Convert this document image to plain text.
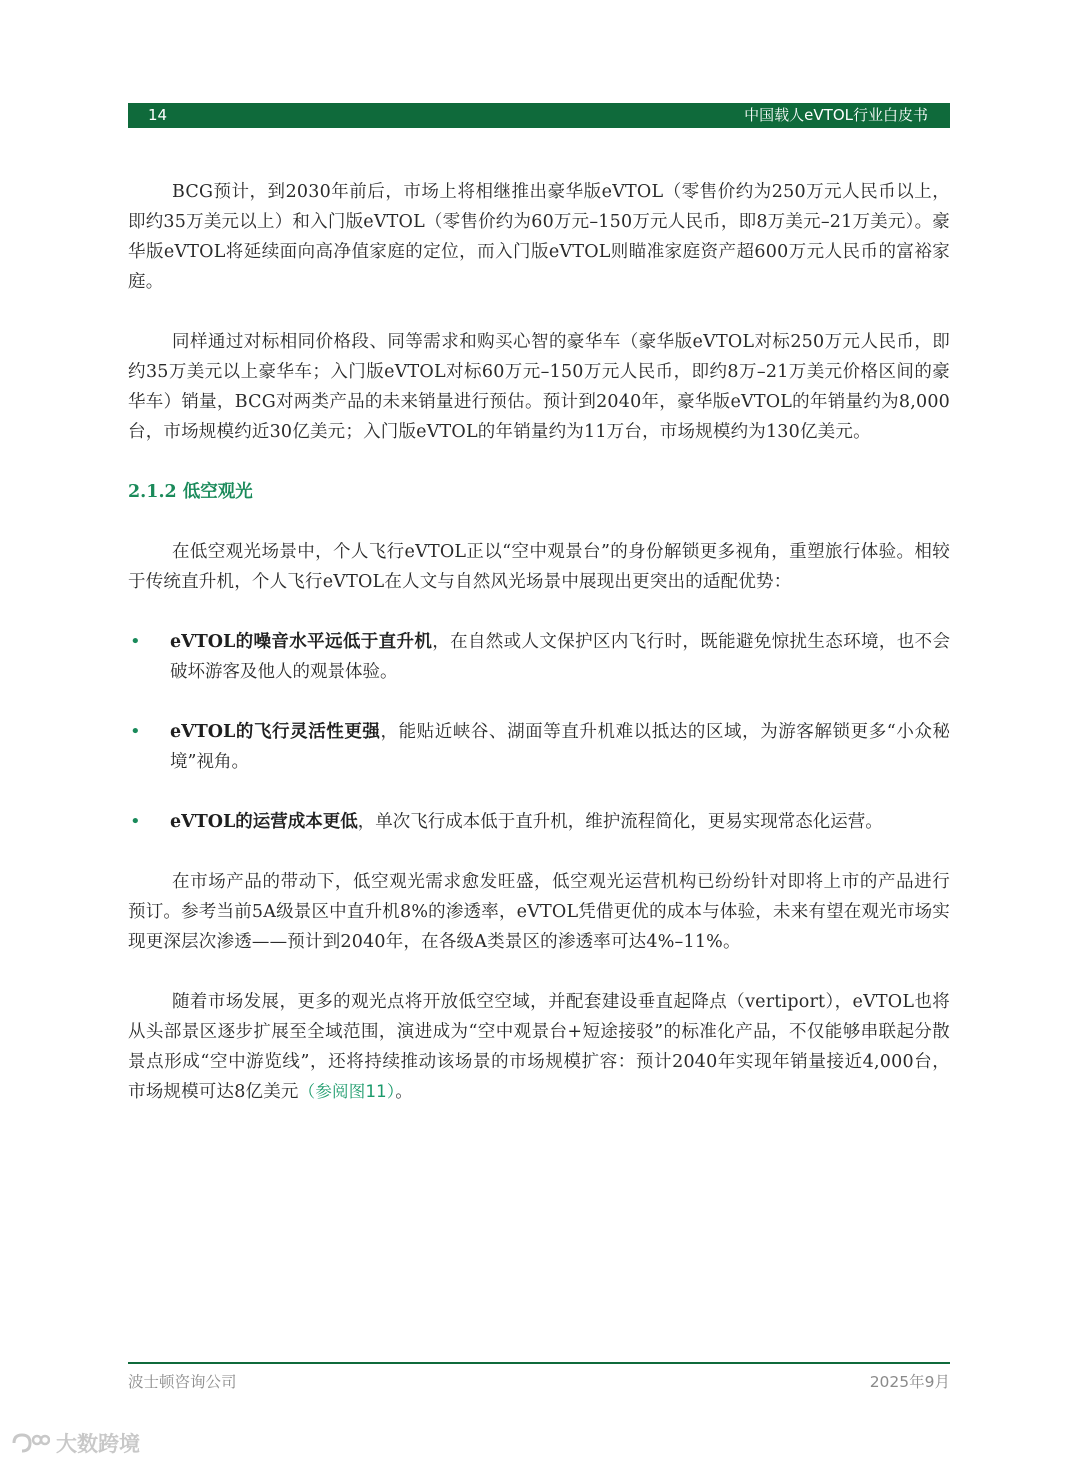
14	中国载人eVTOL行业白皮书

BCG预计，到2030年前后，市场上将相继推出豪华版eVTOL（零售价约为250万元人民币以上，即约35万美元以上）和入门版eVTOL（零售价约为60万元–150万元人民币，即8万美元–21万美元）。豪华版eVTOL将延续面向高净值家庭的定位，而入门版eVTOL则瞄准家庭资产超600万元人民币的富裕家庭。

同样通过对标相同价格段、同等需求和购买心智的豪华车（豪华版eVTOL对标250万元人民币，即约35万美元以上豪华车；入门版eVTOL对标60万元–150万元人民币，即约8万–21万美元价格区间的豪华车）销量，BCG对两类产品的未来销量进行预估。预计到2040年，豪华版eVTOL的年销量约为8,000台，市场规模约近30亿美元；入门版eVTOL的年销量约为11万台，市场规模约为130亿美元。

2.1.2 低空观光

在低空观光场景中，个人飞行eVTOL正以“空中观景台”的身份解锁更多视角，重塑旅行体验。相较于传统直升机，个人飞行eVTOL在人文与自然风光场景中展现出更突出的适配优势：

• eVTOL的噪音水平远低于直升机，在自然或人文保护区内飞行时，既能避免惊扰生态环境，也不会破坏游客及他人的观景体验。
• eVTOL的飞行灵活性更强，能贴近峡谷、湖面等直升机难以抵达的区域，为游客解锁更多“小众秘境”视角。
• eVTOL的运营成本更低，单次飞行成本低于直升机，维护流程简化，更易实现常态化运营。

在市场产品的带动下，低空观光需求愈发旺盛，低空观光运营机构已纷纷针对即将上市的产品进行预订。参考当前5A级景区中直升机8%的渗透率，eVTOL凭借更优的成本与体验，未来有望在观光市场实现更深层次渗透——预计到2040年，在各级A类景区的渗透率可达4%–11%。

随着市场发展，更多的观光点将开放低空空域，并配套建设垂直起降点（vertiport），eVTOL也将从头部景区逐步扩展至全域范围，演进成为“空中观景台+短途接驳”的标准化产品，不仅能够串联起分散景点形成“空中游览线”，还将持续推动该场景的市场规模扩容：预计2040年实现年销量接近4,000台，市场规模可达8亿美元（参阅图11）。

波士顿咨询公司	2025年9月
大数跨境
